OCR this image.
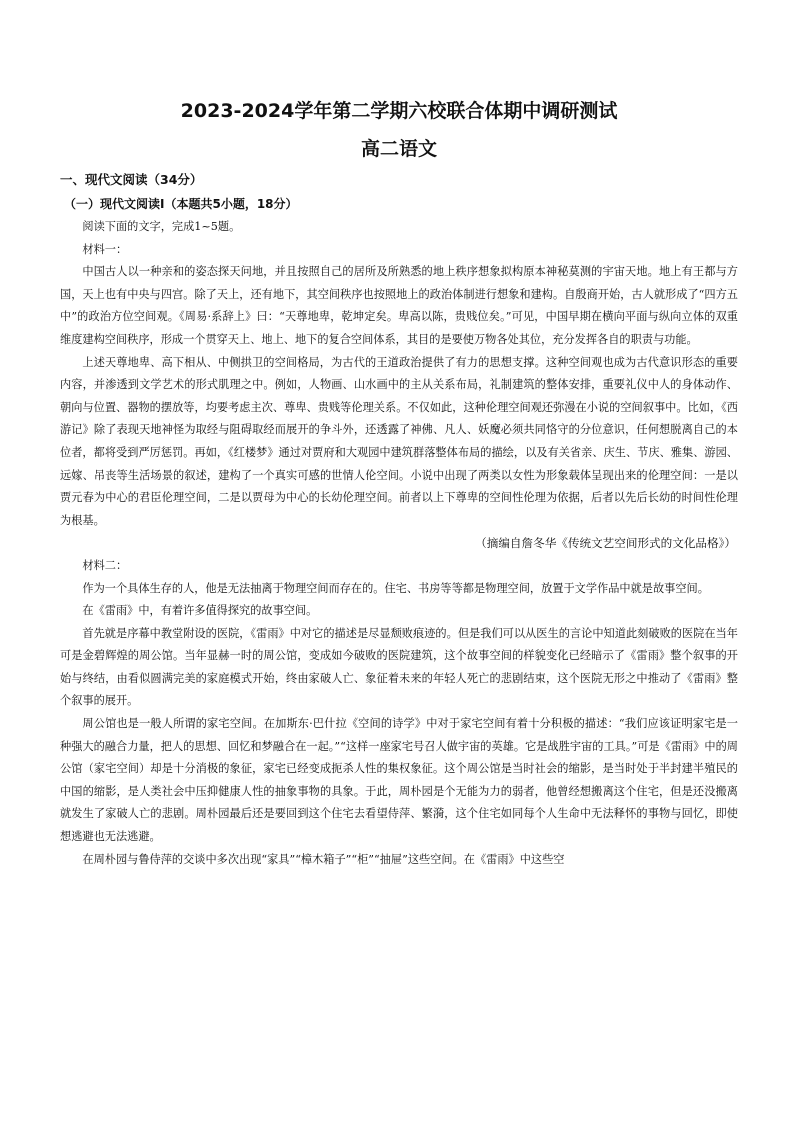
2023-2024学年第二学期六校联合体期中调研测试
高二语文

一、现代文阅读（34分）

（一）现代文阅读Ⅰ（本题共5小题，18分）

阅读下面的文字，完成1~5题。

材料一：

中国古人以一种亲和的姿态探天问地，并且按照自己的居所及所熟悉的地上秩序想象拟构原本神秘莫测的宇宙天地。地上有王都与方国，天上也有中央与四宫。除了天上，还有地下，其空间秩序也按照地上的政治体制进行想象和建构。自殷商开始，古人就形成了“四方五中”的政治方位空间观。《周易·系辞上》曰：“天尊地卑，乾坤定矣。卑高以陈，贵贱位矣。”可见，中国早期在横向平面与纵向立体的双重维度建构空间秩序，形成一个贯穿天上、地上、地下的复合空间体系，其目的是要使万物各处其位，充分发挥各自的职责与功能。

上述天尊地卑、高下相从、中侧拱卫的空间格局，为古代的王道政治提供了有力的思想支撑。这种空间观也成为古代意识形态的重要内容，并渗透到文学艺术的形式肌理之中。例如，人物画、山水画中的主从关系布局，礼制建筑的整体安排，重要礼仪中人的身体动作、朝向与位置、器物的摆放等，均要考虑主次、尊卑、贵贱等伦理关系。不仅如此，这种伦理空间观还弥漫在小说的空间叙事中。比如，《西游记》除了表现天地神怪为取经与阻碍取经而展开的争斗外，还透露了神佛、凡人、妖魔必须共同恪守的分位意识，任何想脱离自己的本位者，都将受到严厉惩罚。再如，《红楼梦》通过对贾府和大观园中建筑群落整体布局的描绘，以及有关省亲、庆生、节庆、雅集、游园、远嫁、吊丧等生活场景的叙述，建构了一个真实可感的世情人伦空间。小说中出现了两类以女性为形象载体呈现出来的伦理空间：一是以贾元春为中心的君臣伦理空间，二是以贾母为中心的长幼伦理空间。前者以上下尊卑的空间性伦理为依据，后者以先后长幼的时间性伦理为根基。

（摘编自詹冬华《传统文艺空间形式的文化品格》）

材料二：

作为一个具体生存的人，他是无法抽离于物理空间而存在的。住宅、书房等等都是物理空间，放置于文学作品中就是故事空间。

在《雷雨》中，有着许多值得探究的故事空间。

首先就是序幕中教堂附设的医院，《雷雨》中对它的描述是尽显颓败痕迹的。但是我们可以从医生的言论中知道此刻破败的医院在当年可是金碧辉煌的周公馆。当年显赫一时的周公馆，变成如今破败的医院建筑，这个故事空间的样貌变化已经暗示了《雷雨》整个叙事的开始与终结，由看似圆满完美的家庭模式开始，终由家破人亡、象征着未来的年轻人死亡的悲剧结束，这个医院无形之中推动了《雷雨》整个叙事的展开。

周公馆也是一般人所谓的家宅空间。在加斯东·巴什拉《空间的诗学》中对于家宅空间有着十分积极的描述：“我们应该证明家宅是一种强大的融合力量，把人的思想、回忆和梦融合在一起。”“这样一座家宅号召人做宇宙的英雄。它是战胜宇宙的工具。”可是《雷雨》中的周公馆（家宅空间）却是十分消极的象征，家宅已经变成扼杀人性的集权象征。这个周公馆是当时社会的缩影，是当时处于半封建半殖民的中国的缩影，是人类社会中压抑健康人性的抽象事物的具象。于此，周朴园是个无能为力的弱者，他曾经想搬离这个住宅，但是还没搬离就发生了家破人亡的悲剧。周朴园最后还是要回到这个住宅去看望侍萍、繁漪，这个住宅如同每个人生命中无法释怀的事物与回忆，即使想逃避也无法逃避。

在周朴园与鲁侍萍的交谈中多次出现“家具”“樟木箱子”“柜”“抽屉”这些空间。在《雷雨》中这些空
